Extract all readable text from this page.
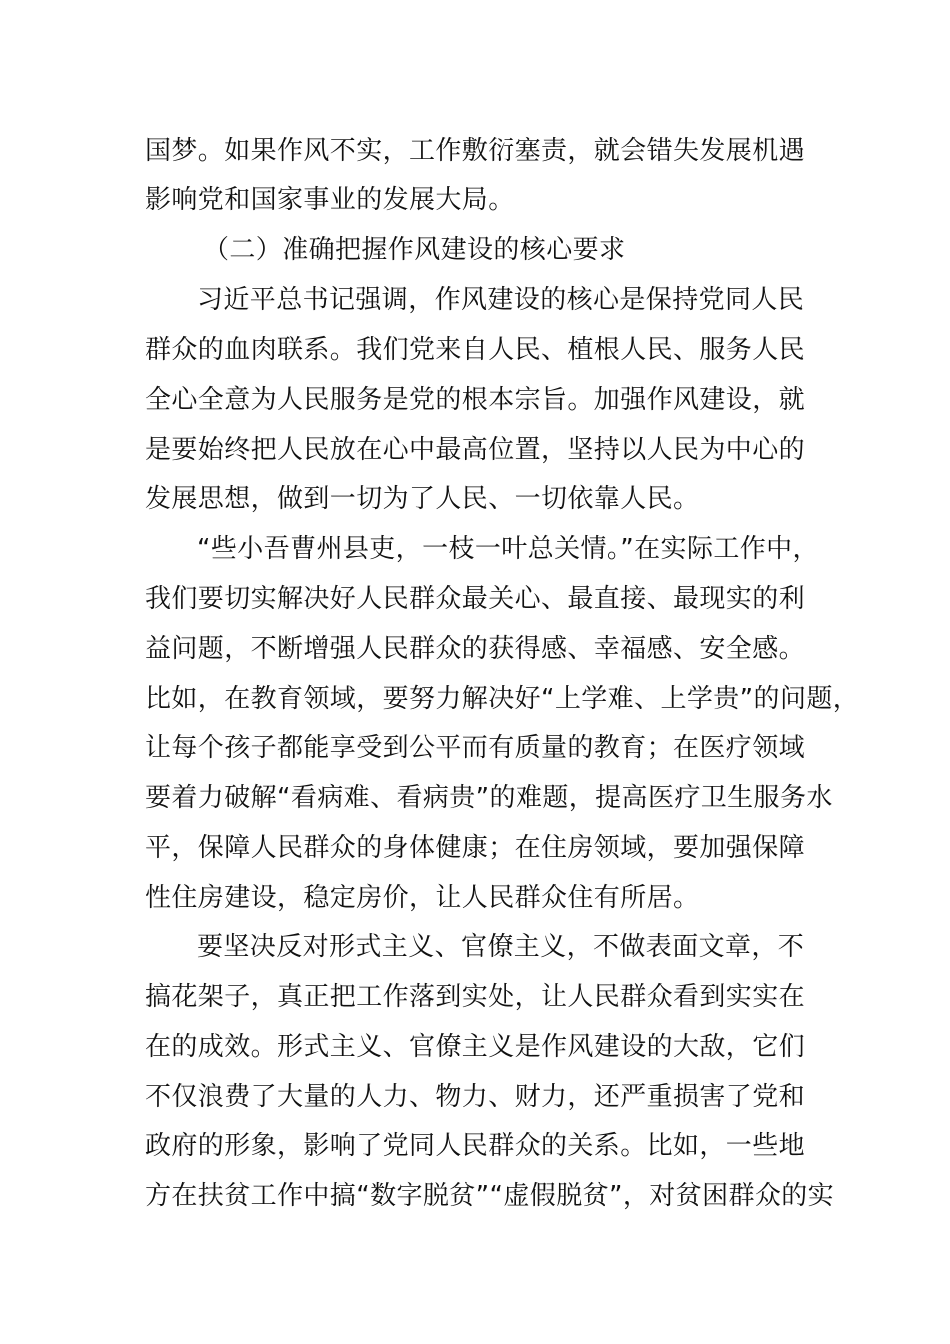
国梦。如果作风不实，工作敷衍塞责，就会错失发展机遇
影响党和国家事业的发展大局。
（二）准确把握作风建设的核心要求
习近平总书记强调，作风建设的核心是保持党同人民
群众的血肉联系。我们党来自人民、植根人民、服务人民
全心全意为人民服务是党的根本宗旨。加强作风建设，就
是要始终把人民放在心中最高位置，坚持以人民为中心的
发展思想，做到一切为了人民、一切依靠人民。
“些小吾曹州县吏，一枝一叶总关情。”在实际工作中，
我们要切实解决好人民群众最关心、最直接、最现实的利
益问题，不断增强人民群众的获得感、幸福感、安全感。
比如，在教育领域，要努力解决好“上学难、上学贵”的问题，
让每个孩子都能享受到公平而有质量的教育；在医疗领域
要着力破解“看病难、看病贵”的难题，提高医疗卫生服务水
平，保障人民群众的身体健康；在住房领域，要加强保障
性住房建设，稳定房价，让人民群众住有所居。
要坚决反对形式主义、官僚主义，不做表面文章，不
搞花架子，真正把工作落到实处，让人民群众看到实实在
在的成效。形式主义、官僚主义是作风建设的大敌，它们
不仅浪费了大量的人力、物力、财力，还严重损害了党和
政府的形象，影响了党同人民群众的关系。比如，一些地
方在扶贫工作中搞“数字脱贫”“虚假脱贫”，对贫困群众的实
